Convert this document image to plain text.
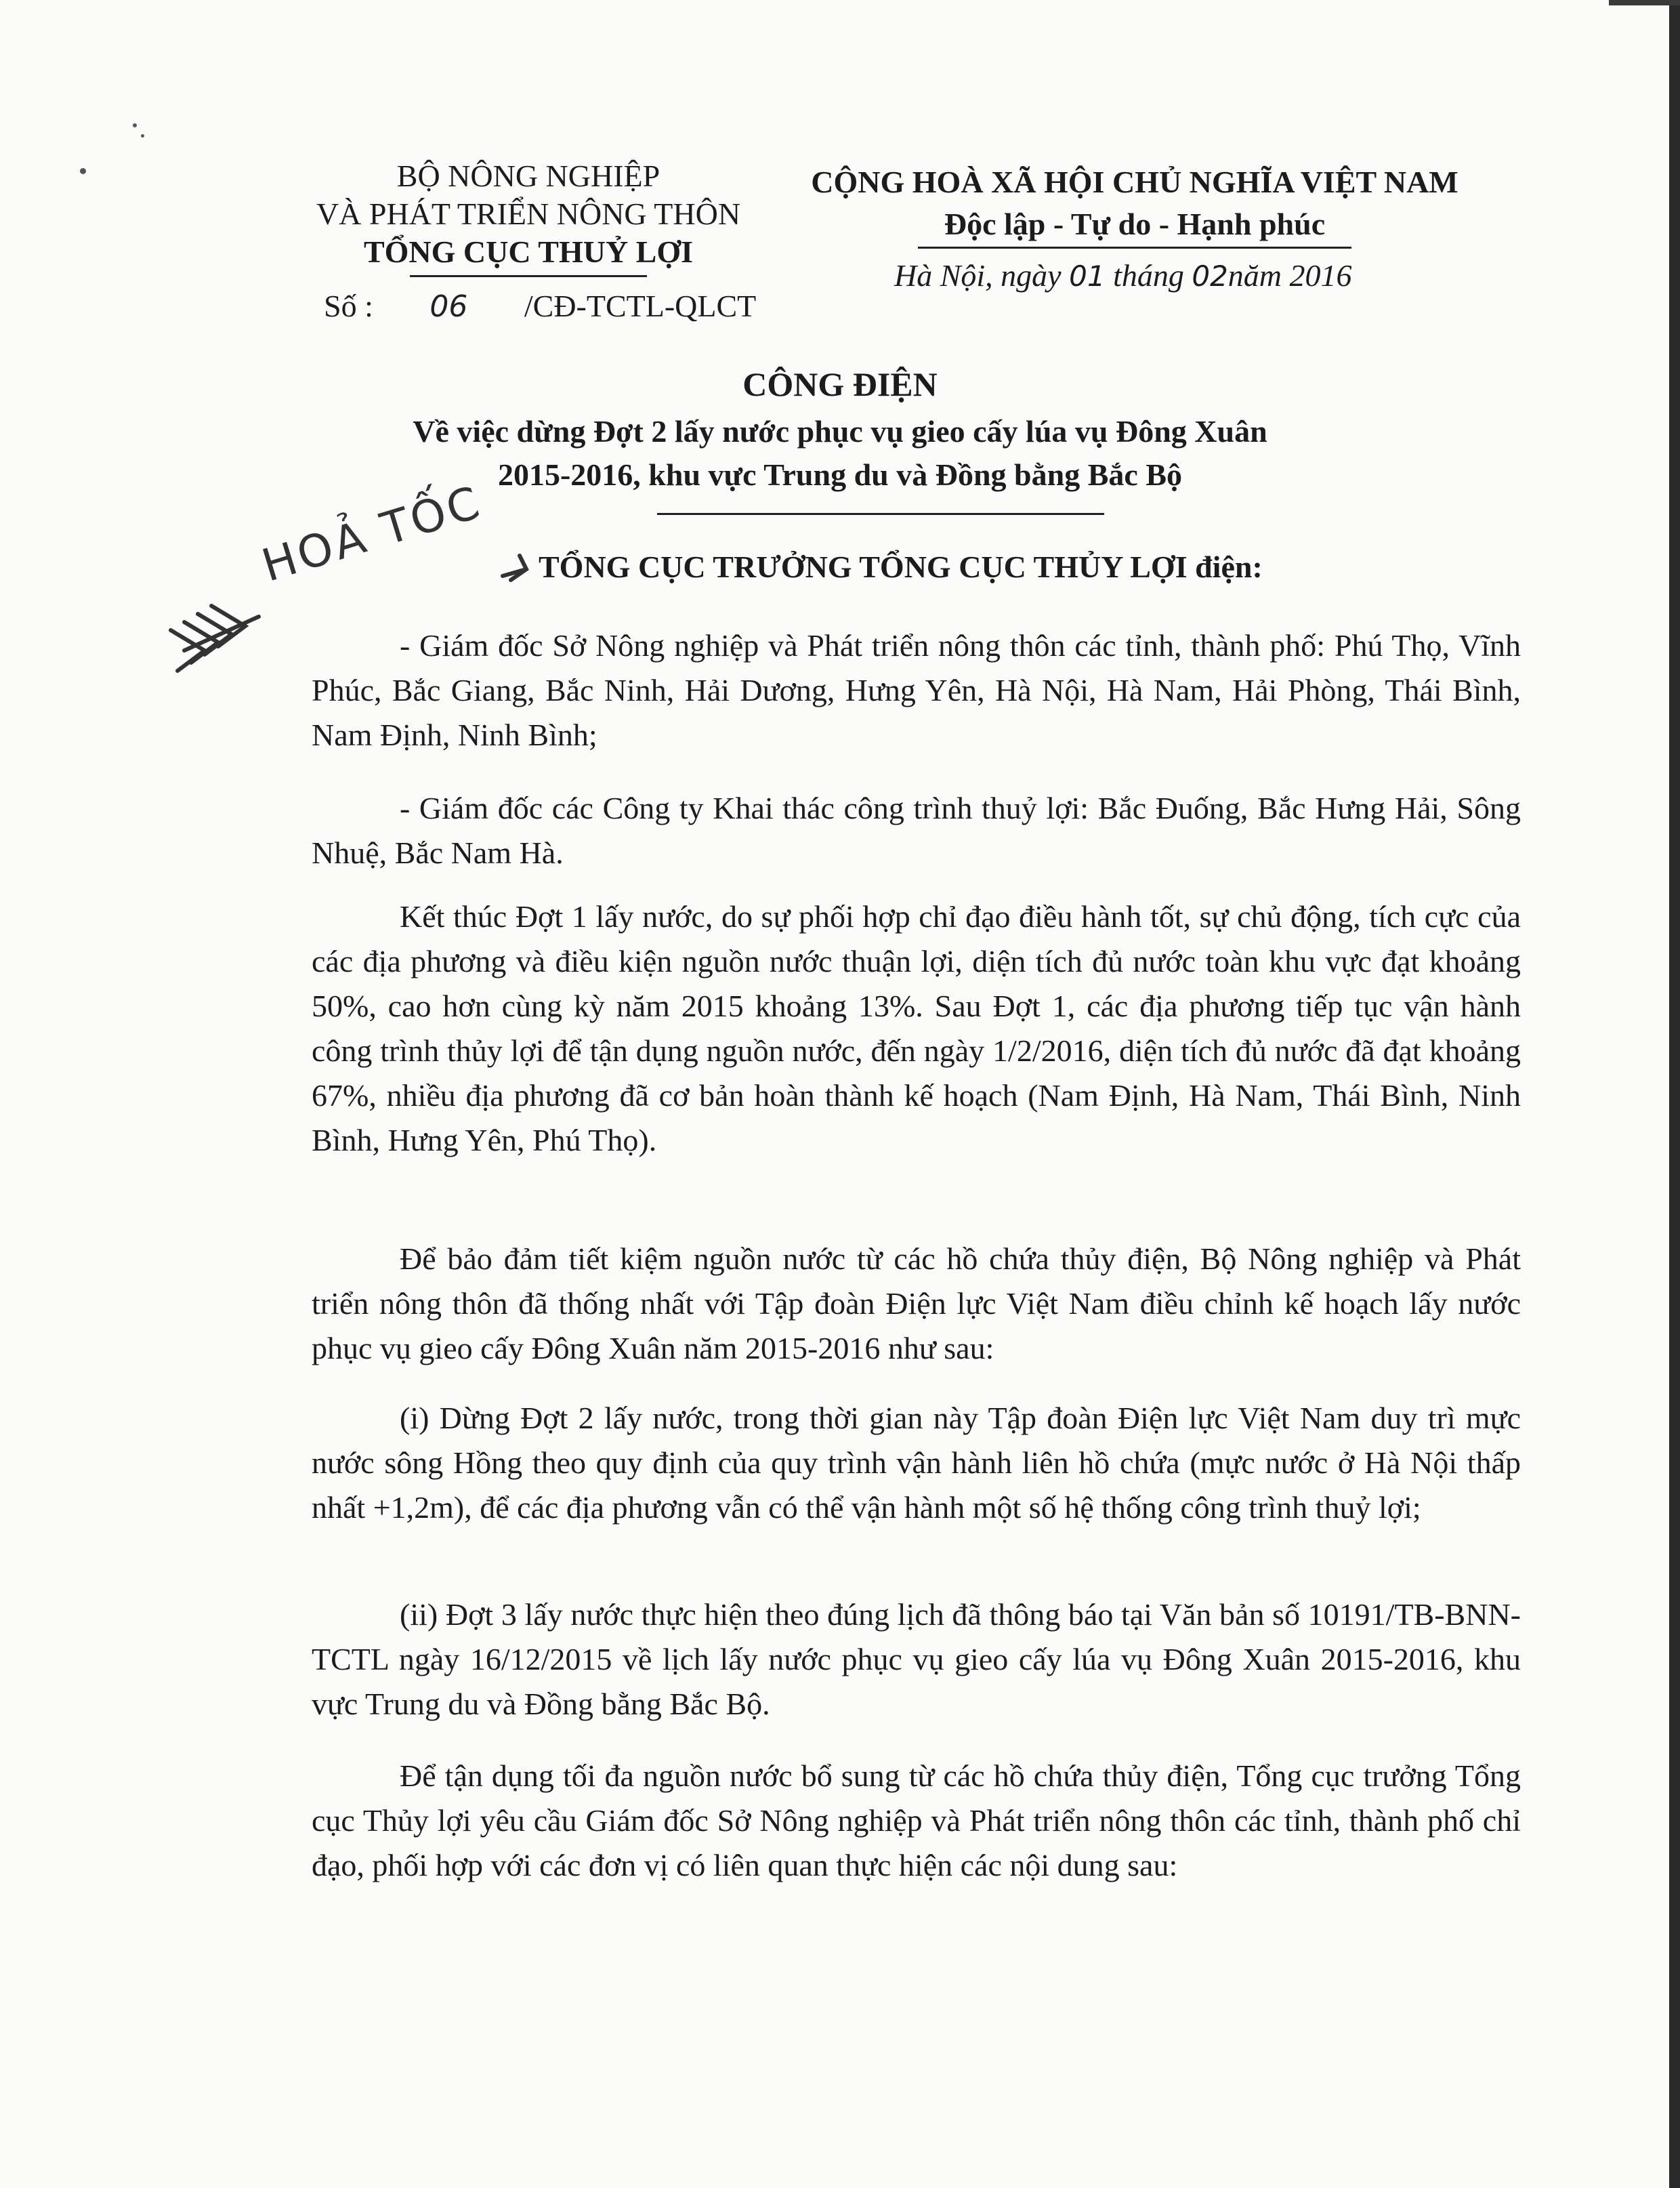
BỘ NÔNG NGHIỆP
VÀ PHÁT TRIỂN NÔNG THÔN
TỔNG CỤC THUỶ LỢI
Số : 06 /CĐ-TCTL-QLCT
CỘNG HOÀ XÃ HỘI CHỦ NGHĨA VIỆT NAM
Độc lập - Tự do - Hạnh phúc
Hà Nội, ngày 01 tháng 02năm 2016
CÔNG ĐIỆN
Về việc dừng Đợt 2 lấy nước phục vụ gieo cấy lúa vụ Đông Xuân
2015-2016, khu vực Trung du và Đồng bằng Bắc Bộ
HOẢ TỐC TỔNG CỤC TRƯỞNG TỔNG CỤC THỦY LỢI điện:
- Giám đốc Sở Nông nghiệp và Phát triển nông thôn các tỉnh, thành phố: Phú Thọ, Vĩnh Phúc, Bắc Giang, Bắc Ninh, Hải Dương, Hưng Yên, Hà Nội, Hà Nam, Hải Phòng, Thái Bình, Nam Định, Ninh Bình;
- Giám đốc các Công ty Khai thác công trình thuỷ lợi: Bắc Đuống, Bắc Hưng Hải, Sông Nhuệ, Bắc Nam Hà.
Kết thúc Đợt 1 lấy nước, do sự phối hợp chỉ đạo điều hành tốt, sự chủ động, tích cực của các địa phương và điều kiện nguồn nước thuận lợi, diện tích đủ nước toàn khu vực đạt khoảng 50%, cao hơn cùng kỳ năm 2015 khoảng 13%. Sau Đợt 1, các địa phương tiếp tục vận hành công trình thủy lợi để tận dụng nguồn nước, đến ngày 1/2/2016, diện tích đủ nước đã đạt khoảng 67%, nhiều địa phương đã cơ bản hoàn thành kế hoạch (Nam Định, Hà Nam, Thái Bình, Ninh Bình, Hưng Yên, Phú Thọ).
Để bảo đảm tiết kiệm nguồn nước từ các hồ chứa thủy điện, Bộ Nông nghiệp và Phát triển nông thôn đã thống nhất với Tập đoàn Điện lực Việt Nam điều chỉnh kế hoạch lấy nước phục vụ gieo cấy Đông Xuân năm 2015-2016 như sau:
(i) Dừng Đợt 2 lấy nước, trong thời gian này Tập đoàn Điện lực Việt Nam duy trì mực nước sông Hồng theo quy định của quy trình vận hành liên hồ chứa (mực nước ở Hà Nội thấp nhất +1,2m), để các địa phương vẫn có thể vận hành một số hệ thống công trình thuỷ lợi;
(ii) Đợt 3 lấy nước thực hiện theo đúng lịch đã thông báo tại Văn bản số 10191/TB-BNN-TCTL ngày 16/12/2015 về lịch lấy nước phục vụ gieo cấy lúa vụ Đông Xuân 2015-2016, khu vực Trung du và Đồng bằng Bắc Bộ.
Để tận dụng tối đa nguồn nước bổ sung từ các hồ chứa thủy điện, Tổng cục trưởng Tổng cục Thủy lợi yêu cầu Giám đốc Sở Nông nghiệp và Phát triển nông thôn các tỉnh, thành phố chỉ đạo, phối hợp với các đơn vị có liên quan thực hiện các nội dung sau:
